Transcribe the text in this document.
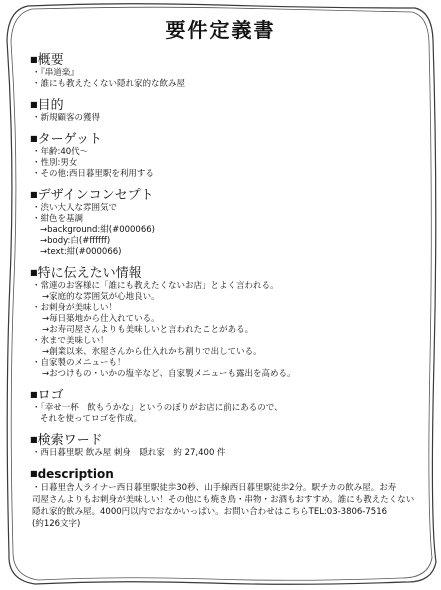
要件定義書
■概要
・『串道楽』
・誰にも教えたくない隠れ家的な飲み屋
■目的
・新規顧客の獲得
■ターゲット
・年齢:40代〜
・性別:男女
・その他:西日暮里駅を利用する
■デザインコンセプト
・渋い大人な雰囲気で
・紺色を基調
→background:紺(#000066)
→body:白(#ffffff)
→text:紺(#000066)
■特に伝えたい情報
・常連のお客様に「誰にも教えたくないお店」とよく言われる。
→家庭的な雰囲気が心地良い。
・お刺身が美味しい！
→毎日築地から仕入れている。
→お寿司屋さんよりも美味しいと言われたことがある。
・氷まで美味しい！
→創業以来、氷屋さんから仕入れかち割りで出している。
・自家製のメニューも！
→おつけもの・いかの塩辛など、自家製メニューも露出を高める。
■ロゴ
・「幸せ一杯　飲もうかな」というのぼりがお店に前にあるので、
それを使ってロゴを作成。
■検索ワード
・西日暮里駅 飲み屋 刺身　隠れ家　約 27,400 件
■description
・日暮里舎人ライナー西日暮里駅徒歩30秒、山手線西日暮里駅徒歩2分。駅チカの飲み屋。お寿
司屋さんよりもお刺身が美味しい！その他にも焼き鳥・串物・お酒もおすすめ。誰にも教えたくない
隠れ家的飲み屋。4000円以内でおなかいっぱい。お問い合わせはこちらTEL:03-3806-7516
(約126文字)
